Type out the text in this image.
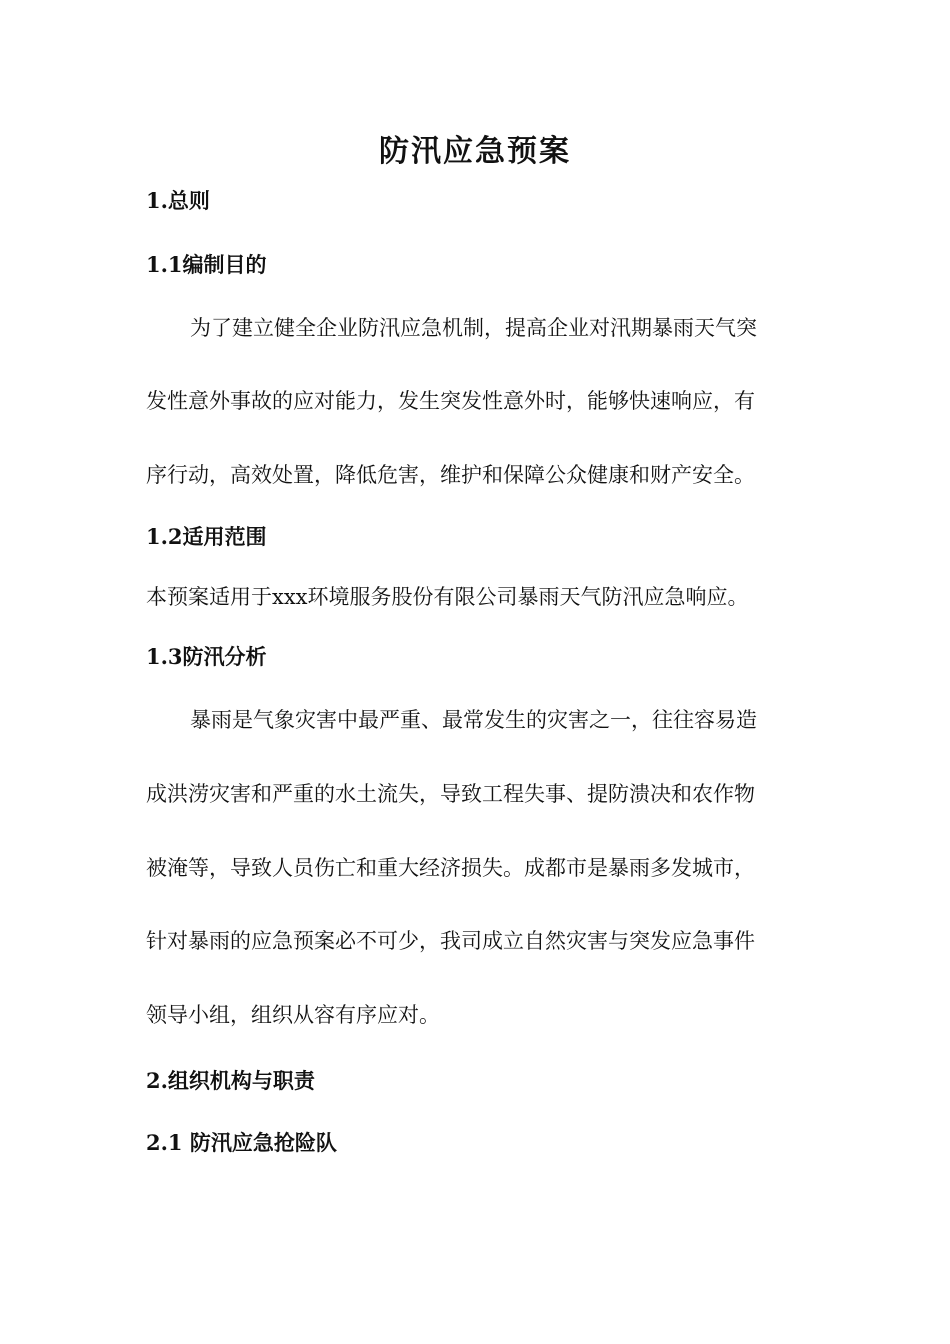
防汛应急预案
1.总则
1.1编制目的

为了建立健全企业防汛应急机制，提高企业对汛期暴雨天气突

发性意外事故的应对能力，发生突发性意外时，能够快速响应，有

序行动，高效处置，降低危害，维护和保障公众健康和财产安全。

1.2适用范围

本预案适用于xxx环境服务股份有限公司暴雨天气防汛应急响应。

1.3防汛分析

暴雨是气象灾害中最严重、最常发生的灾害之一，往往容易造

成洪涝灾害和严重的水土流失，导致工程失事、提防溃决和农作物

被淹等，导致人员伤亡和重大经济损失。成都市是暴雨多发城市，

针对暴雨的应急预案必不可少，我司成立自然灾害与突发应急事件

领导小组，组织从容有序应对。

2.组织机构与职责
2.1 防汛应急抢险队
